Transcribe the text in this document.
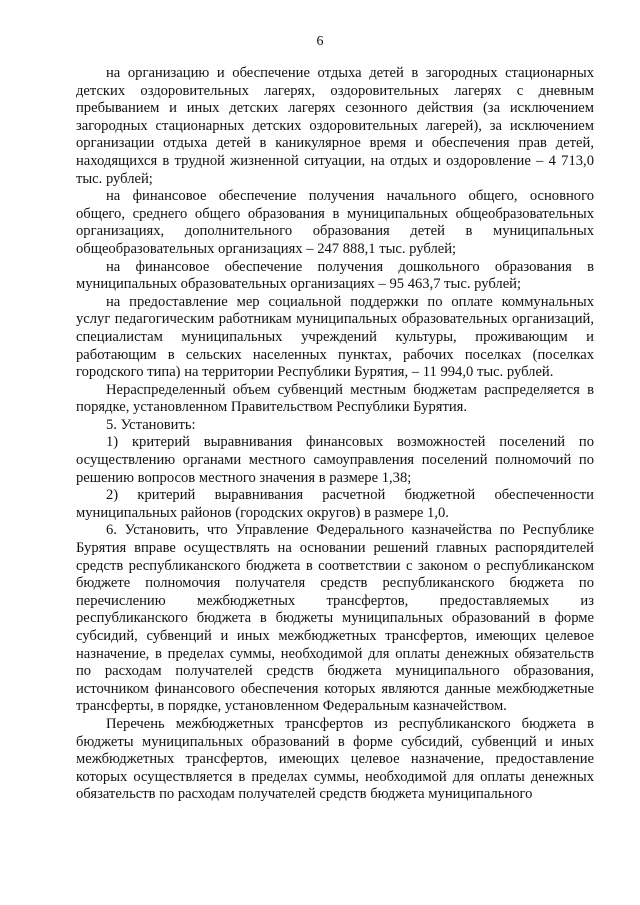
6

на организацию и обеспечение отдыха детей в загородных стационарных детских оздоровительных лагерях, оздоровительных лагерях с дневным пребыванием и иных детских лагерях сезонного действия (за исключением загородных стационарных детских оздоровительных лагерей), за исключением организации отдыха детей в каникулярное время и обеспечения прав детей, находящихся в трудной жизненной ситуации, на отдых и оздоровление – 4 713,0 тыс. рублей;

на финансовое обеспечение получения начального общего, основного общего, среднего общего образования в муниципальных общеобразовательных организациях, дополнительного образования детей в муниципальных общеобразовательных организациях – 247 888,1 тыс. рублей;

на финансовое обеспечение получения дошкольного образования в муниципальных образовательных организациях – 95 463,7 тыс. рублей;

на предоставление мер социальной поддержки по оплате коммунальных услуг педагогическим работникам муниципальных образовательных организаций, специалистам муниципальных учреждений культуры, проживающим и работающим в сельских населенных пунктах, рабочих поселках (поселках городского типа) на территории Республики Бурятия, – 11 994,0 тыс. рублей.

Нераспределенный объем субвенций местным бюджетам распределяется в порядке, установленном Правительством Республики Бурятия.

5. Установить:

1) критерий выравнивания финансовых возможностей поселений по осуществлению органами местного самоуправления поселений полномочий по решению вопросов местного значения в размере 1,38;

2) критерий выравнивания расчетной бюджетной обеспеченности муниципальных районов (городских округов) в размере 1,0.

6. Установить, что Управление Федерального казначейства по Республике Бурятия вправе осуществлять на основании решений главных распорядителей средств республиканского бюджета в соответствии с законом о республиканском бюджете полномочия получателя средств республиканского бюджета по перечислению межбюджетных трансфертов, предоставляемых из республиканского бюджета в бюджеты муниципальных образований в форме субсидий, субвенций и иных межбюджетных трансфертов, имеющих целевое назначение, в пределах суммы, необходимой для оплаты денежных обязательств по расходам получателей средств бюджета муниципального образования, источником финансового обеспечения которых являются данные межбюджетные трансферты, в порядке, установленном Федеральным казначейством.

Перечень межбюджетных трансфертов из республиканского бюджета в бюджеты муниципальных образований в форме субсидий, субвенций и иных межбюджетных трансфертов, имеющих целевое назначение, предоставление которых осуществляется в пределах суммы, необходимой для оплаты денежных обязательств по расходам получателей средств бюджета муниципального
